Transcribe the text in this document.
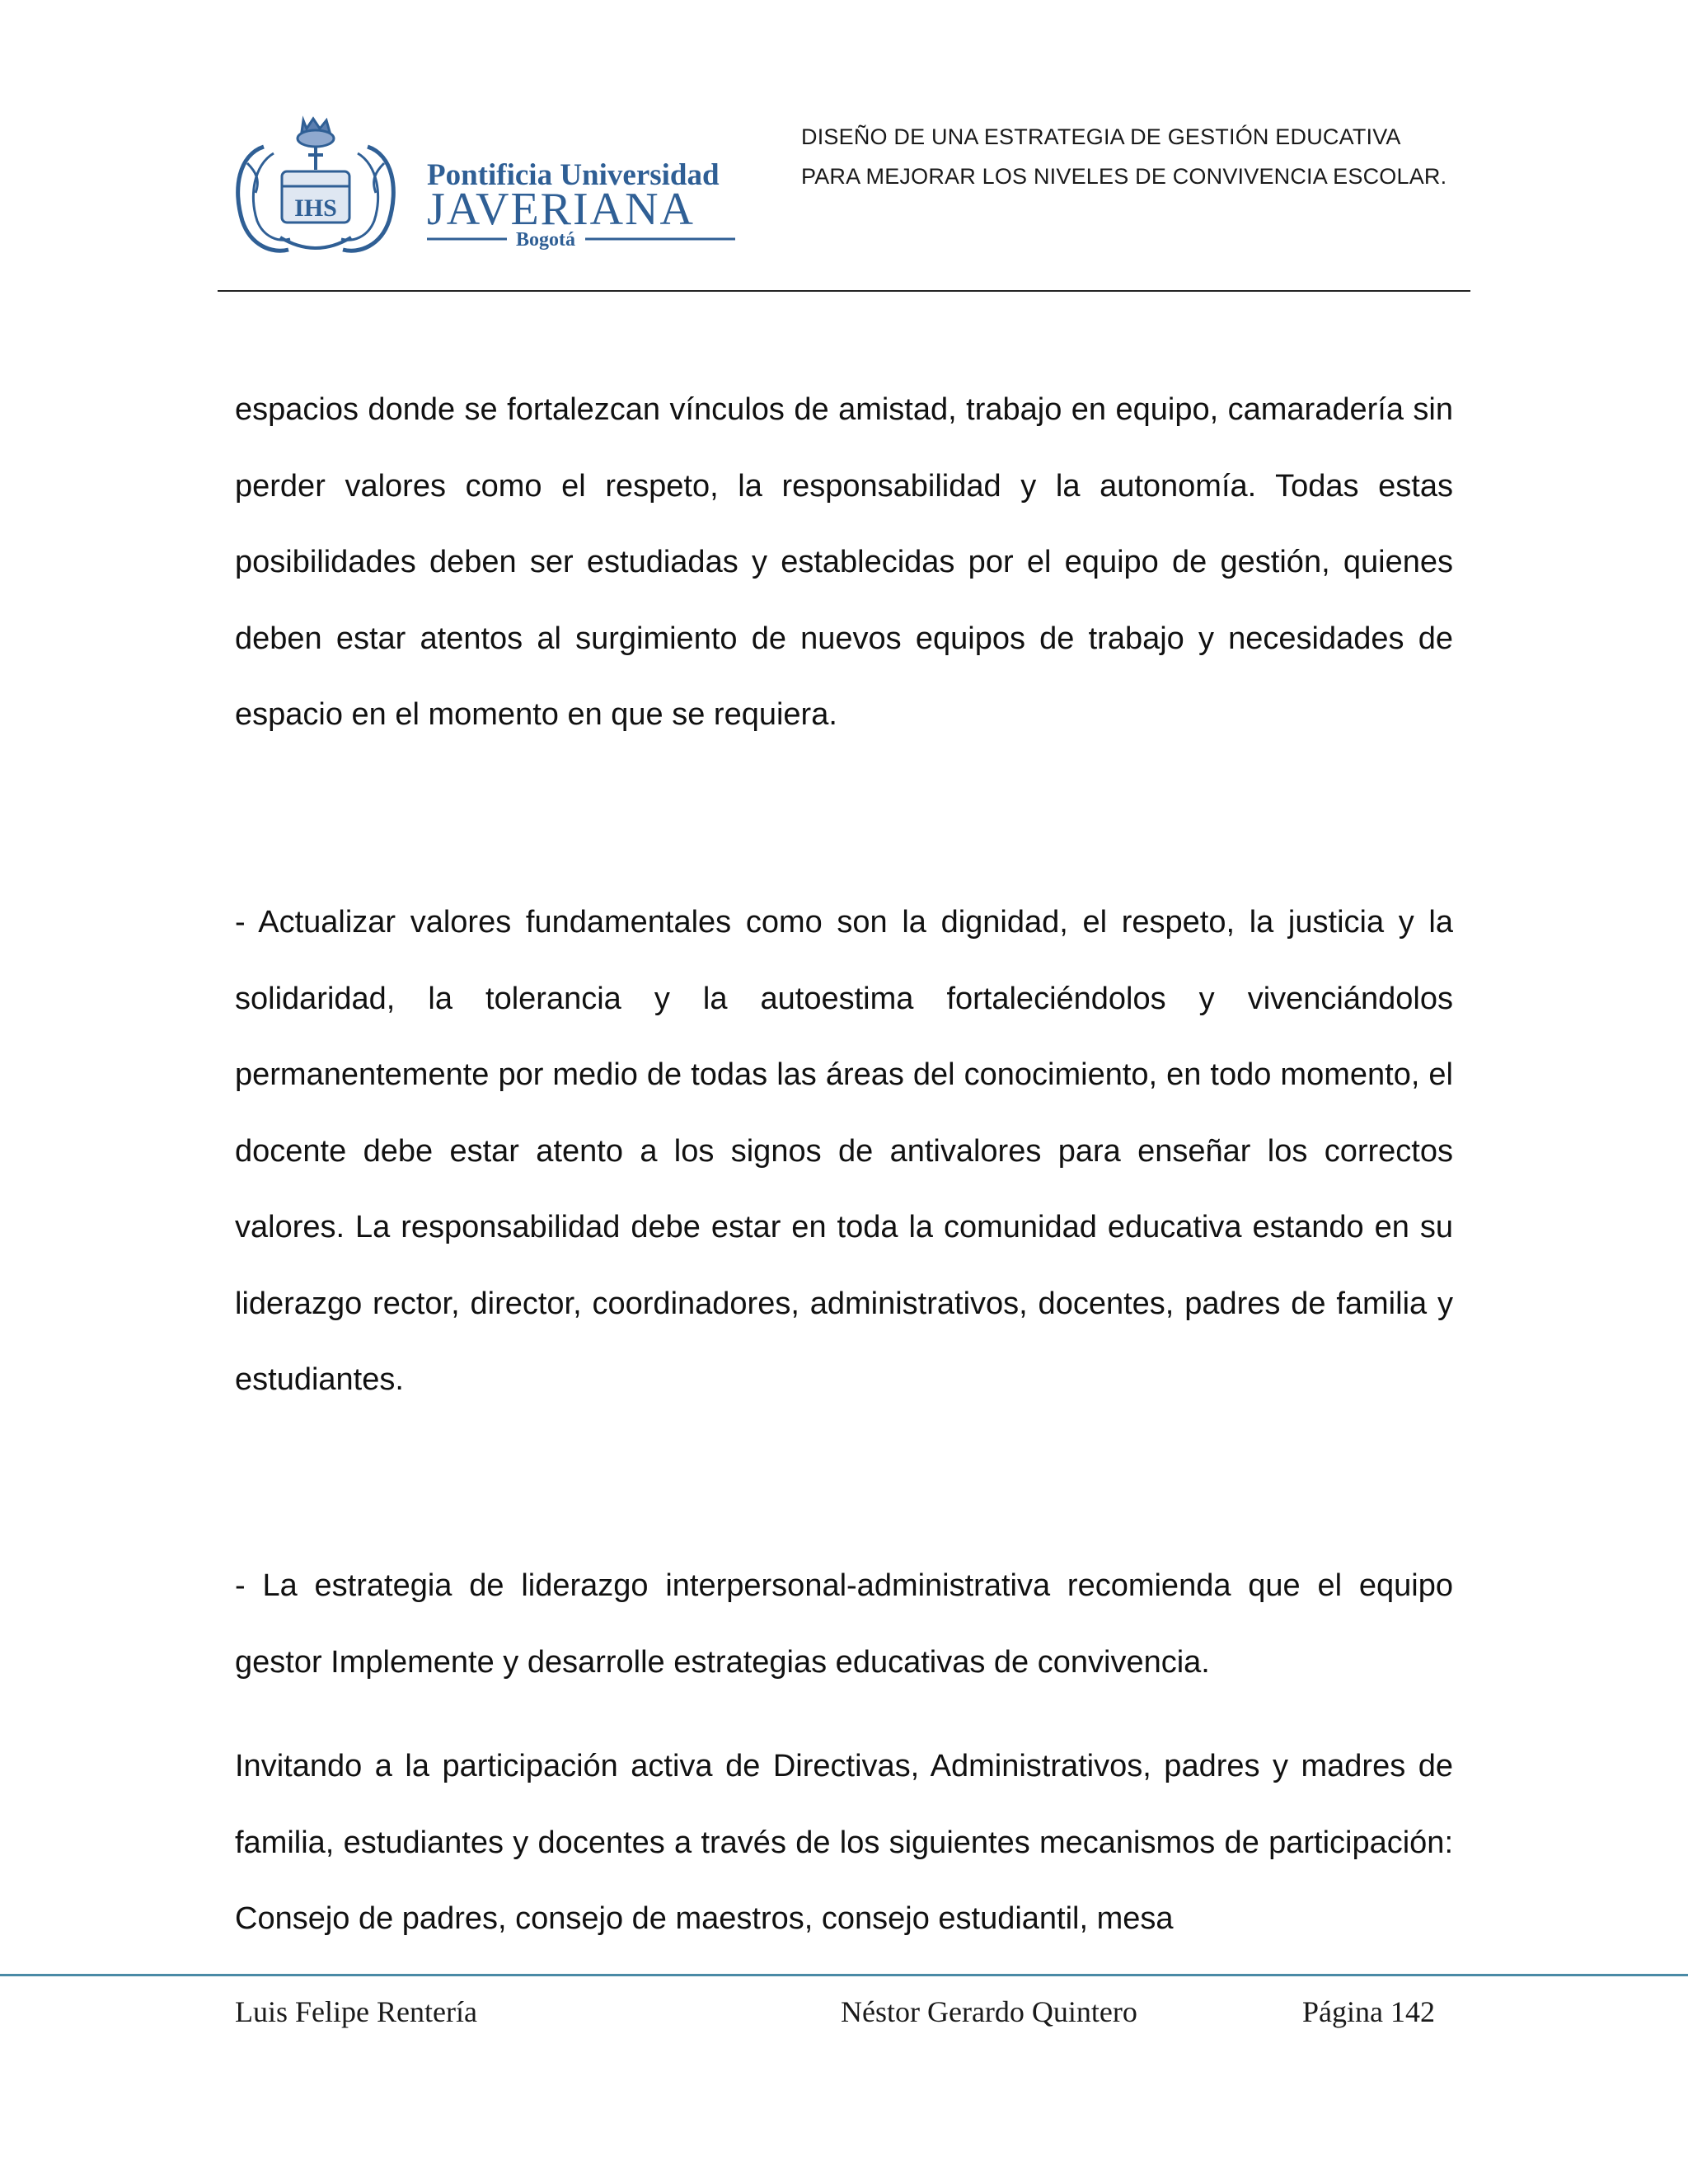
IHS
Pontificia Universidad
JAVERIANA
Bogotá
DISEÑO DE UNA ESTRATEGIA DE GESTIÓN EDUCATIVA
PARA MEJORAR LOS NIVELES DE CONVIVENCIA ESCOLAR.

espacios donde se fortalezcan vínculos de amistad, trabajo en equipo, camaradería sin perder valores como el respeto, la responsabilidad y la autonomía. Todas estas posibilidades deben ser estudiadas y establecidas por el equipo de gestión, quienes deben estar atentos al surgimiento de nuevos equipos de trabajo y necesidades de espacio en el momento en que se requiera.

- Actualizar valores fundamentales como son la dignidad, el respeto, la justicia y la solidaridad, la tolerancia y la autoestima fortaleciéndolos y vivenciándolos permanentemente por medio de todas las áreas del conocimiento, en todo momento, el docente debe estar atento a los signos de antivalores para enseñar los correctos valores. La responsabilidad debe estar en toda la comunidad educativa estando en su liderazgo rector, director, coordinadores, administrativos, docentes, padres de familia y estudiantes.

- La estrategia de liderazgo interpersonal-administrativa recomienda que el equipo gestor Implemente y desarrolle estrategias educativas de convivencia.

Invitando a la participación activa de Directivas, Administrativos, padres y madres de familia, estudiantes y docentes a través de los siguientes mecanismos de participación: Consejo de padres, consejo de maestros, consejo estudiantil, mesa

Luis Felipe Rentería	Néstor Gerardo Quintero	Página 142
